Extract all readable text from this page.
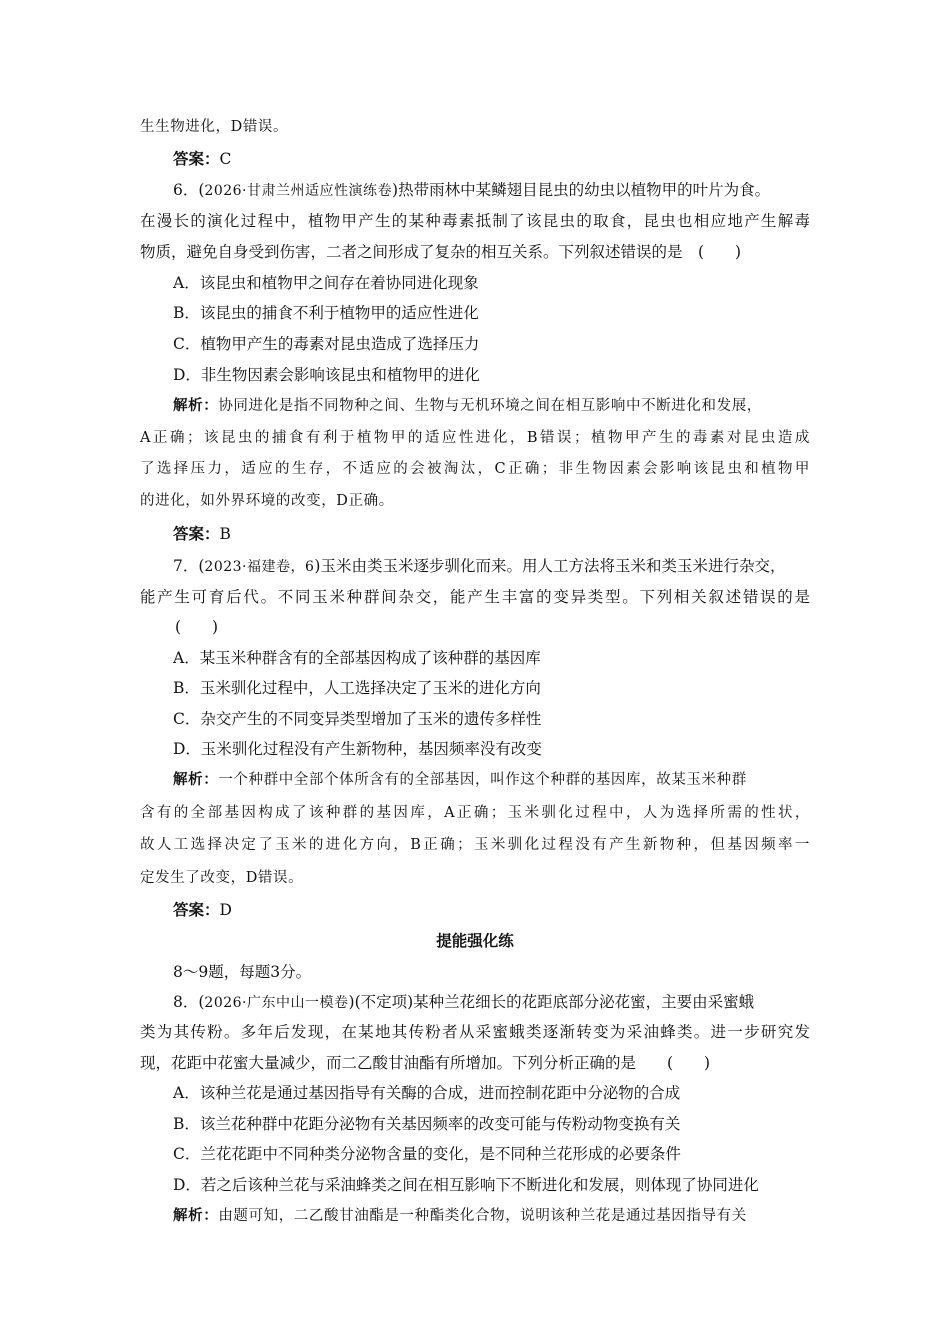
生生物进化，D错误。
答案：C
6．(2026·甘肃兰州适应性演练卷)热带雨林中某鳞翅目昆虫的幼虫以植物甲的叶片为食。
在漫长的演化过程中，植物甲产生的某种毒素抵制了该昆虫的取食，昆虫也相应地产生解毒
物质，避免自身受到伤害，二者之间形成了复杂的相互关系。下列叙述错误的是　(　　)
A．该昆虫和植物甲之间存在着协同进化现象
B．该昆虫的捕食不利于植物甲的适应性进化
C．植物甲产生的毒素对昆虫造成了选择压力
D．非生物因素会影响该昆虫和植物甲的进化
解析：协同进化是指不同物种之间、生物与无机环境之间在相互影响中不断进化和发展，
A正确；该昆虫的捕食有利于植物甲的适应性进化，B错误；植物甲产生的毒素对昆虫造成
了选择压力，适应的生存，不适应的会被淘汰，C正确；非生物因素会影响该昆虫和植物甲
的进化，如外界环境的改变，D正确。
答案：B
7．(2023·福建卷，6)玉米由类玉米逐步驯化而来。用人工方法将玉米和类玉米进行杂交，
能产生可育后代。不同玉米种群间杂交，能产生丰富的变异类型。下列相关叙述错误的是
(　　)
A．某玉米种群含有的全部基因构成了该种群的基因库
B．玉米驯化过程中，人工选择决定了玉米的进化方向
C．杂交产生的不同变异类型增加了玉米的遗传多样性
D．玉米驯化过程没有产生新物种，基因频率没有改变
解析：一个种群中全部个体所含有的全部基因，叫作这个种群的基因库，故某玉米种群
含有的全部基因构成了该种群的基因库，A正确；玉米驯化过程中，人为选择所需的性状，
故人工选择决定了玉米的进化方向，B正确；玉米驯化过程没有产生新物种，但基因频率一
定发生了改变，D错误。
答案：D
提能强化练
8～9题，每题3分。
8．(2026·广东中山一模卷)(不定项)某种兰花细长的花距底部分泌花蜜，主要由采蜜蛾
类为其传粉。多年后发现，在某地其传粉者从采蜜蛾类逐渐转变为采油蜂类。进一步研究发
现，花距中花蜜大量减少，而二乙酸甘油酯有所增加。下列分析正确的是　　(　　)
A．该种兰花是通过基因指导有关酶的合成，进而控制花距中分泌物的合成
B．该兰花种群中花距分泌物有关基因频率的改变可能与传粉动物变换有关
C．兰花花距中不同种类分泌物含量的变化，是不同种兰花形成的必要条件
D．若之后该种兰花与采油蜂类之间在相互影响下不断进化和发展，则体现了协同进化
解析：由题可知，二乙酸甘油酯是一种酯类化合物，说明该种兰花是通过基因指导有关
